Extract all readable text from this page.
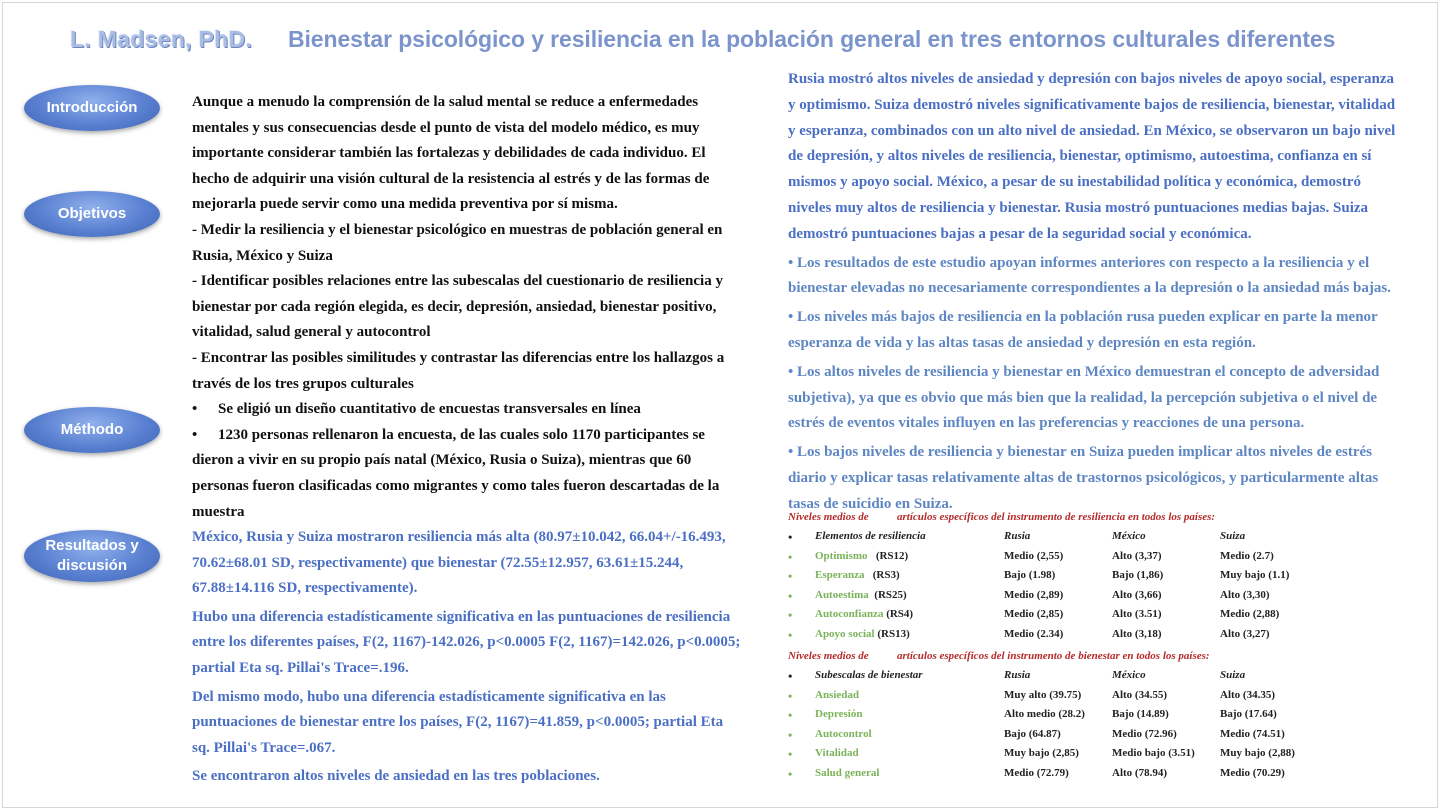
L. Madsen, PhD. Bienestar psicológico y resiliencia en la población general en tres entornos culturales diferentes
Introducción
Objetivos
Méthodo
Resultados y
discusión

Aunque a menudo la comprensión de la salud mental se reduce a enfermedades mentales y sus consecuencias desde el punto de vista del modelo médico, es muy importante considerar también las fortalezas y debilidades de cada individuo. El hecho de adquirir una visión cultural de la resistencia al estrés y de las formas de mejorarla puede servir como una medida preventiva por sí misma.

- Medir la resiliencia y el bienestar psicológico en muestras de población general en Rusia, México y Suiza

- Identificar posibles relaciones entre las subescalas del cuestionario de resiliencia y bienestar por cada región elegida, es decir, depresión, ansiedad, bienestar positivo, vitalidad, salud general y autocontrol

- Encontrar las posibles similitudes y contrastar las diferencias entre los hallazgos a través de los tres grupos culturales

• Se eligió un diseño cuantitativo de encuestas transversales en línea

• 1230 personas rellenaron la encuesta, de las cuales solo 1170 participantes se dieron a vivir en su propio país natal (México, Rusia o Suiza), mientras que 60 personas fueron clasificadas como migrantes y como tales fueron descartadas de la muestra

México, Rusia y Suiza mostraron resiliencia más alta (80.97±10.042, 66.04+/-16.493, 70.62±68.01 SD, respectivamente) que bienestar (72.55±12.957, 63.61±15.244, 67.88±14.116 SD, respectivamente).

Hubo una diferencia estadísticamente significativa en las puntuaciones de resiliencia entre los diferentes países, F(2, 1167)-142.026, p<0.0005 F(2, 1167)=142.026, p<0.0005; partial Eta sq. Pillai's Trace=.196.

Del mismo modo, hubo una diferencia estadísticamente significativa en las puntuaciones de bienestar entre los países, F(2, 1167)=41.859, p<0.0005; partial Eta sq. Pillai's Trace=.067.

Se encontraron altos niveles de ansiedad en las tres poblaciones.

Rusia mostró altos niveles de ansiedad y depresión con bajos niveles de apoyo social, esperanza y optimismo. Suiza demostró niveles significativamente bajos de resiliencia, bienestar, vitalidad y esperanza, combinados con un alto nivel de ansiedad. En México, se observaron un bajo nivel de depresión, y altos niveles de resiliencia, bienestar, optimismo, autoestima, confianza en sí mismos y apoyo social. México, a pesar de su inestabilidad política y económica, demostró niveles muy altos de resiliencia y bienestar. Rusia mostró puntuaciones medias bajas. Suiza demostró puntuaciones bajas a pesar de la seguridad social y económica.

• Los resultados de este estudio apoyan informes anteriores con respecto a la resiliencia y el bienestar elevadas no necesariamente correspondientes a la depresión o la ansiedad más bajas.

• Los niveles más bajos de resiliencia en la población rusa pueden explicar en parte la menor esperanza de vida y las altas tasas de ansiedad y depresión en esta región.

• Los altos niveles de resiliencia y bienestar en México demuestran el concepto de adversidad subjetiva), ya que es obvio que más bien que la realidad, la percepción subjetiva o el nivel de estrés de eventos vitales influyen en las preferencias y reacciones de una persona.

• Los bajos niveles de resiliencia y bienestar en Suiza pueden implicar altos niveles de estrés diario y explicar tasas relativamente altas de trastornos psicológicos, y particularmente altas tasas de suicidio en Suiza.

Niveles medios de	artículos específicos del instrumento de resiliencia en todos los países:
• Elementos de resiliencia	Rusia	México	Suiza
• Optimismo (RS12)	Medio (2,55)	Alto (3,37)	Medio (2.7)
• Esperanza (RS3)	Bajo (1.98)	Bajo (1,86)	Muy bajo (1.1)
• Autoestima (RS25)	Medio (2,89)	Alto (3,66)	Alto (3,30)
• Autoconfianza (RS4)	Medio (2,85)	Alto (3.51)	Medio (2,88)
• Apoyo social (RS13)	Medio (2.34)	Alto (3,18)	Alto (3,27)
Niveles medios de	artículos específicos del instrumento de bienestar en todos los países:
• Subescalas de bienestar	Rusia	México	Suiza
• Ansiedad	Muy alto (39.75)	Alto (34.55)	Alto (34.35)
• Depresión	Alto medio (28.2) Bajo (14.89)	Bajo (17.64)
• Autocontrol	Bajo (64.87)	Medio (72.96)	Medio (74.51)
• Vitalidad	Muy bajo (2,85)	Medio bajo (3.51) Muy bajo (2,88)
• Salud general	Medio (72.79)	Alto (78.94)	Medio (70.29)
